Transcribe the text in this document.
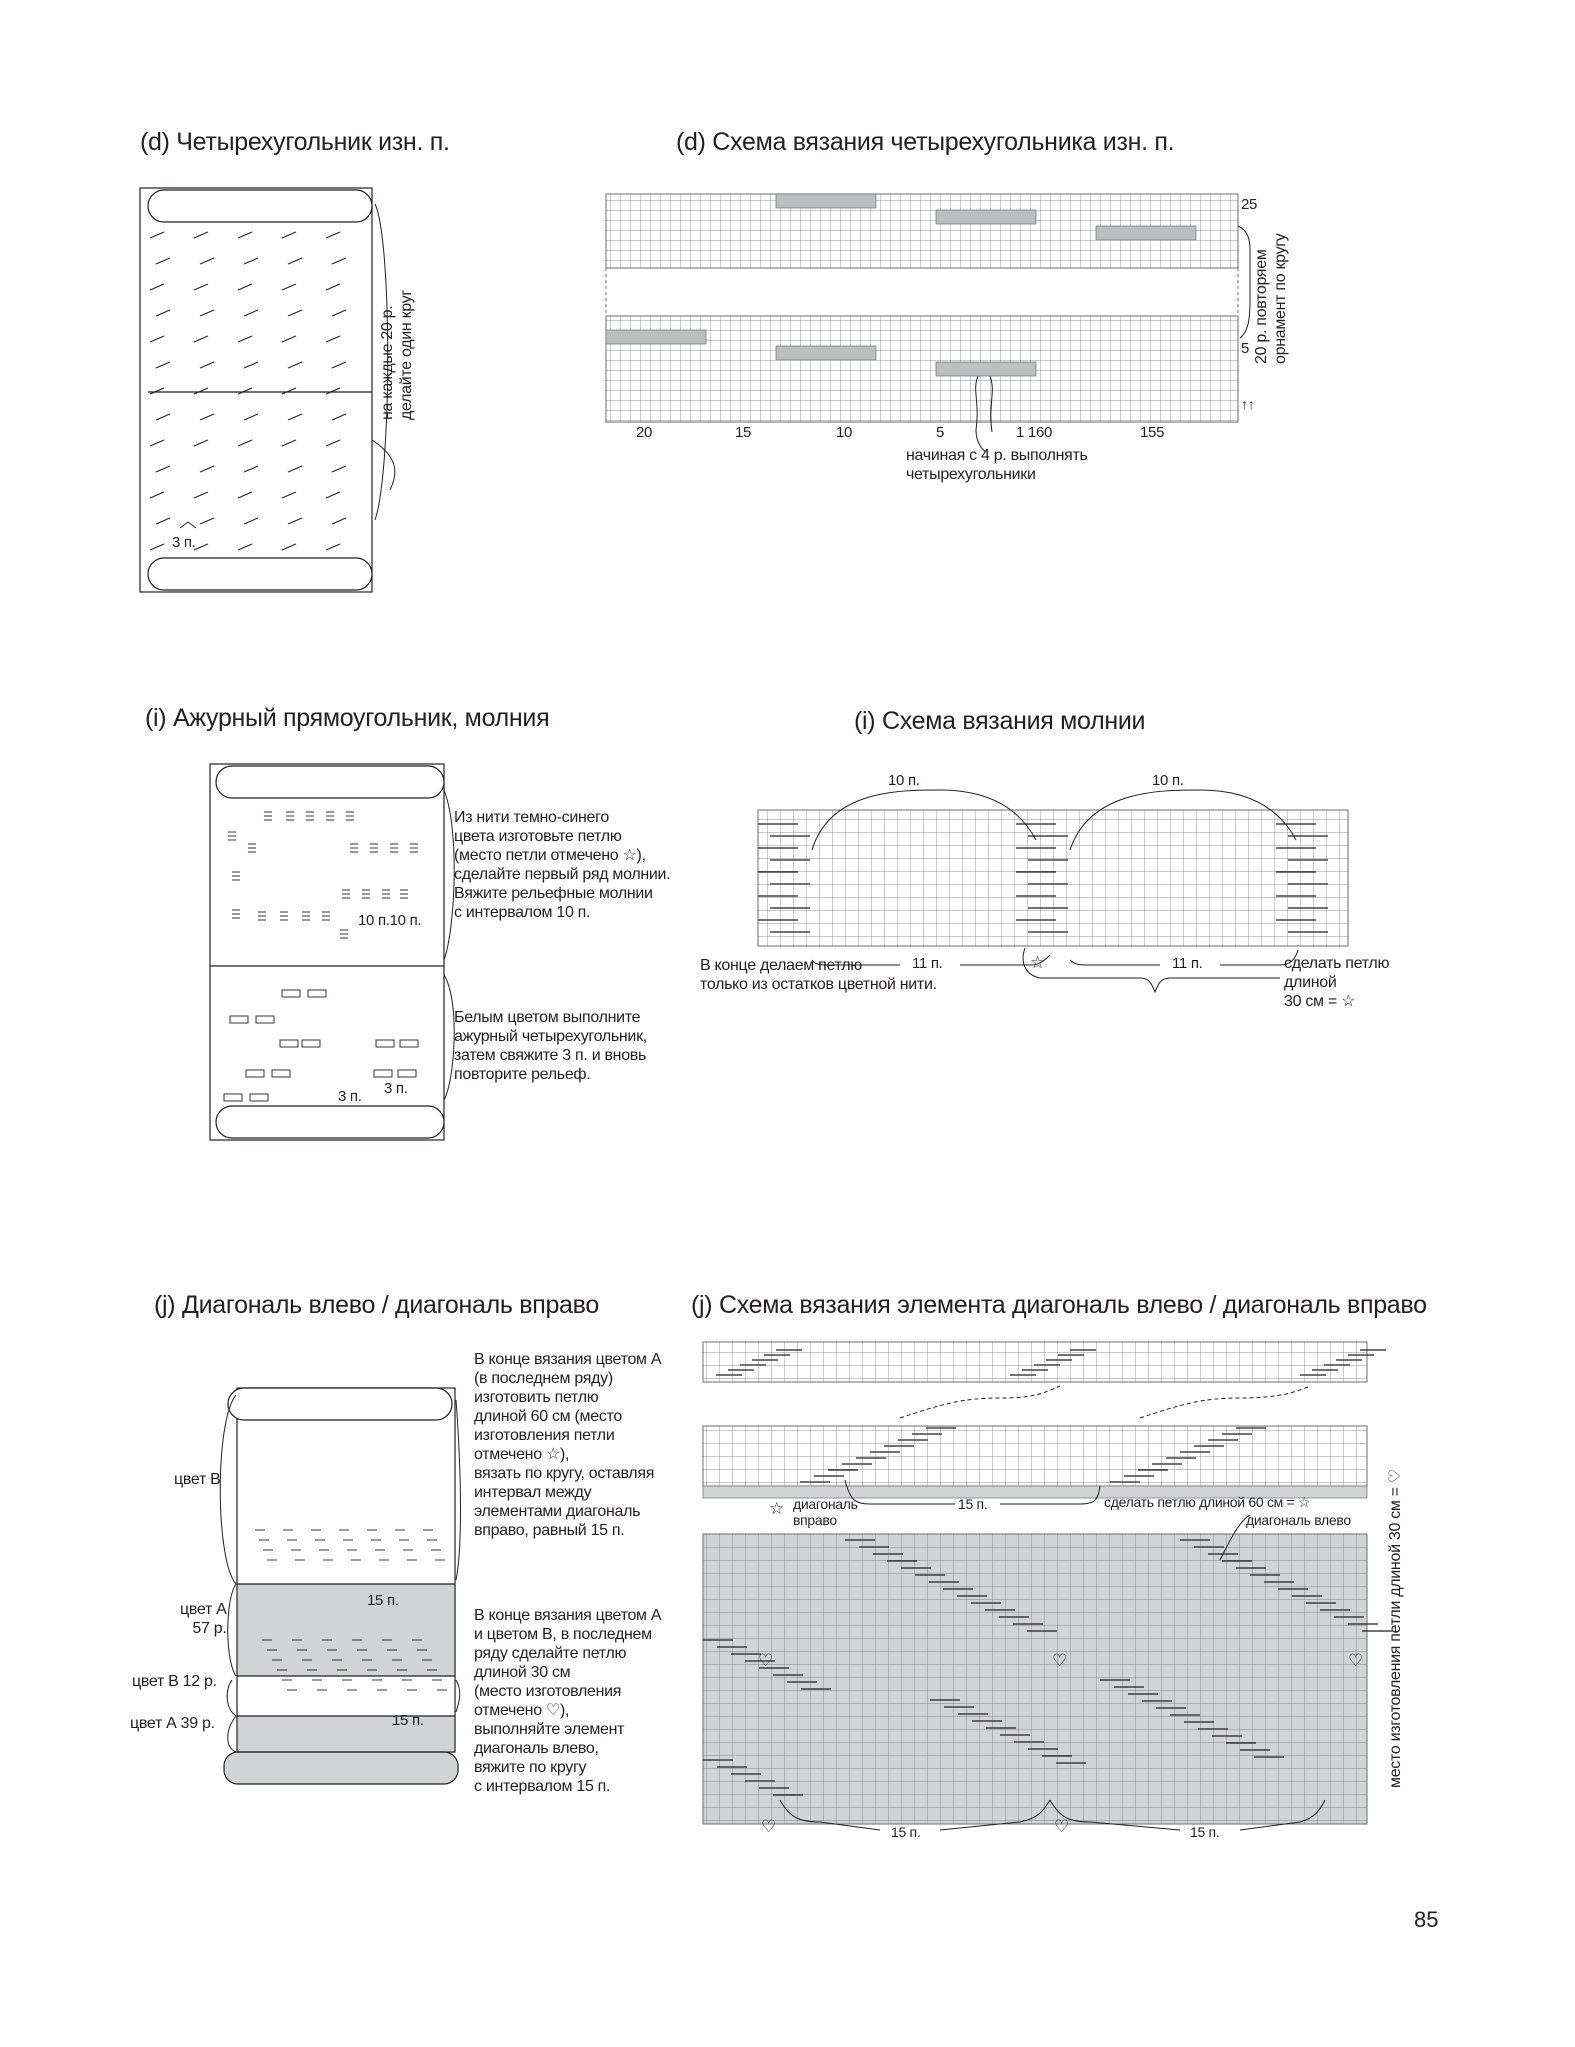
(d) Четырехугольник изн. п.	(d) Схема вязания четырехугольника изн. п.
(i) Ажурный прямоугольник, молния	(i) Схема вязания молнии
(j) Диагональ влево / диагональ вправо	(j) Схема вязания элемента диагональ влево / диагональ вправо
на каждые 20 р.
делайте один круг
3 п.
25
5 20 р. повторяем
орнамент по кругу
↑↑
20	15	10	5	1 160	155
начиная с 4 р. выполнять
четырехугольники
Из нити темно-синего
цвета изготовьте петлю
(место петли отмечено ☆),
сделайте первый ряд молнии.
Вяжите рельефные молнии
с интервалом 10 п.
Белым цветом выполните
ажурный четырехугольник,
затем свяжите 3 п. и вновь
повторите рельеф.
10 п.10 п.
3 п. 3 п.
10 п.	10 п.
11 п.	11 п.
В конце делаем петлю
только из остатков цветной нити.
сделать петлю
длиной
30 см = ☆
☆
В конце вязания цветом А
(в последнем ряду)
изготовить петлю
длиной 60 см (место
изготовления петли
отмечено ☆),
вязать по кругу, оставляя
интервал между
элементами диагональ
вправо, равный 15 п.
В конце вязания цветом А
и цветом В, в последнем
ряду сделайте петлю
длиной 30 см
(место изготовления
отмечено ♡),
выполняйте элемент
диагональ влево,
вяжите по кругу
с интервалом 15 п.
цвет В
цвет А
57 р.
цвет В 12 р.
цвет А 39 р.
15 п.
15 п.
☆ диагональ
вправо
15 п.	сделать петлю длиной 60 см = ☆
диагональ влево
15 п.	15 п.
место изготовления петли длиной 30 см = ♡
♡	♡	♡
♡	♡
85
